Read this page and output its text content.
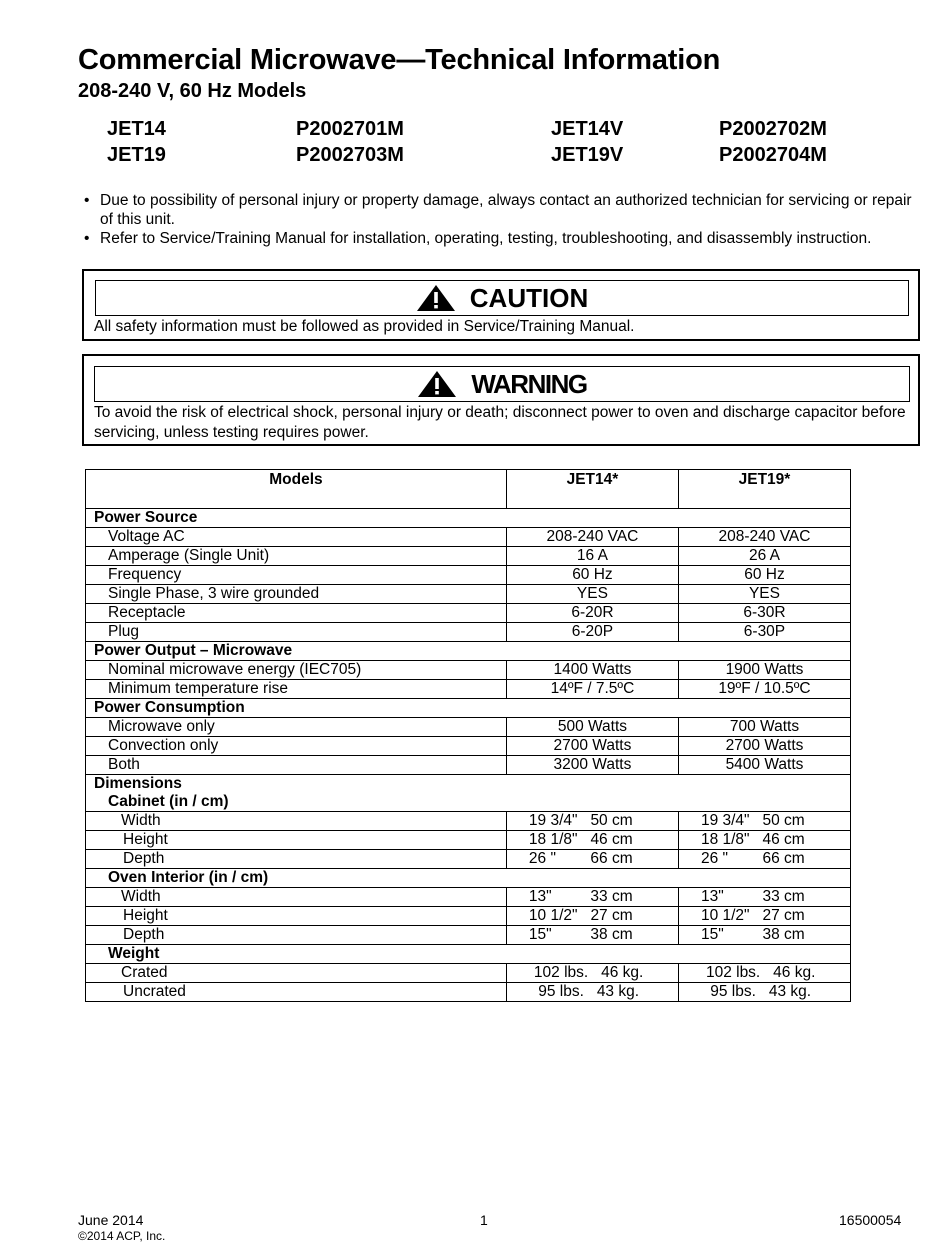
Commercial Microwave—Technical Information
208-240 V, 60 Hz Models
JET14	P2002701M	JET14V	P2002702M
JET19	P2002703M	JET19V	P2002704M
• Due to possibility of personal injury or property damage, always contact an authorized technician for servicing or repair of this unit.
• Refer to Service/Training Manual for installation, operating, testing, troubleshooting, and disassembly instruction.
CAUTION
All safety information must be followed as provided in Service/Training Manual.
WARNING
To avoid the risk of electrical shock, personal injury or death; disconnect power to oven and discharge capacitor before servicing, unless testing requires power.
Models	JET14*	JET19*
Power Source		
Voltage AC	208-240 VAC	208-240 VAC
Amperage (Single Unit)	16 A	26 A
Frequency	60 Hz	60 Hz
Single Phase, 3 wire grounded	YES	YES
Receptacle	6-20R	6-30R
Plug	6-20P	6-30P
Power Output – Microwave		
Nominal microwave energy (IEC705)	1400 Watts	1900 Watts
Minimum temperature rise	14ºF / 7.5ºC	19ºF / 10.5ºC
Power Consumption		
Microwave only	500 Watts	700 Watts
Convection only	2700 Watts	2700 Watts
Both	3200 Watts	5400 Watts
Dimensions		
Cabinet (in / cm)		
Width	19 3/4"   50 cm	19 3/4"   50 cm
Height	18 1/8"   46 cm	18 1/8"   46 cm
Depth	26 "        66 cm	26 "        66 cm
Oven Interior (in / cm)		
Width	13"         33 cm	13"         33 cm
Height	10 1/2"   27 cm	10 1/2"   27 cm
Depth	15"         38 cm	15"         38 cm
Weight		
Crated	102 lbs.   46 kg.	102 lbs.   46 kg.
Uncrated	95 lbs.   43 kg.	95 lbs.   43 kg.
June 2014	1	16500054
©2014 ACP, Inc.
